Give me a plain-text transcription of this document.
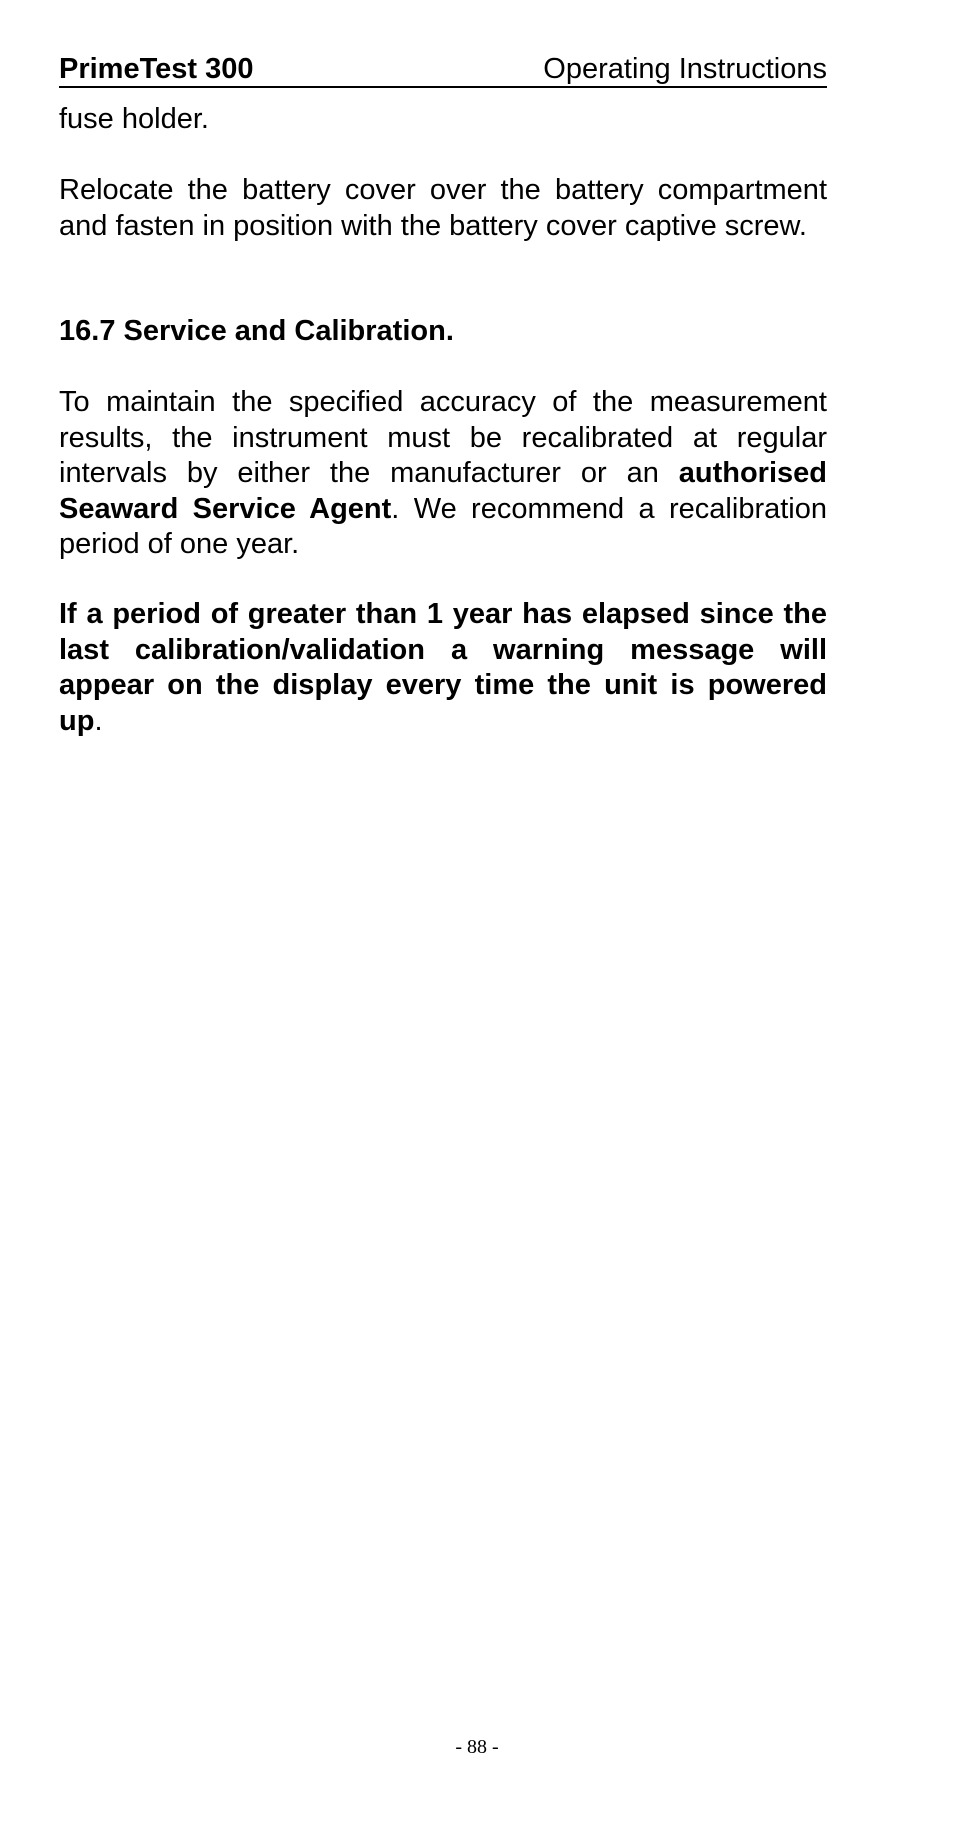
PrimeTest 300	Operating Instructions

fuse holder.

Relocate the battery cover over the battery compartment and fasten in position with the battery cover captive screw.

16.7 Service and Calibration.

To maintain the specified accuracy of the measurement results, the instrument must be recalibrated at regular intervals by either the manufacturer or an authorised Seaward Service Agent. We recommend a recalibration period of one year.

If a period of greater than 1 year has elapsed since the last calibration/validation a warning message will appear on the display every time the unit is powered up.

- 88 -
